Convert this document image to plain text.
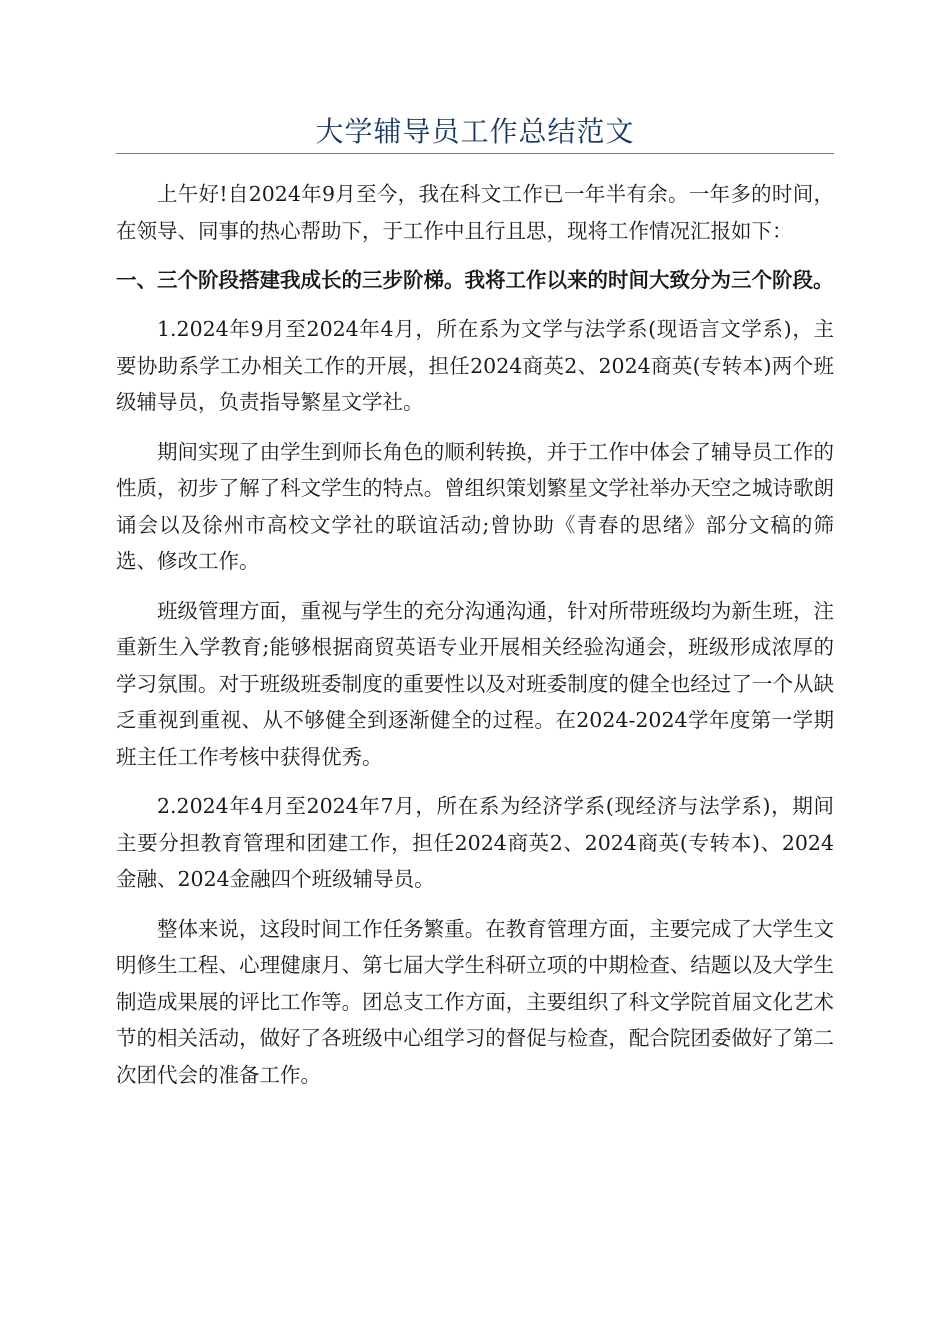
大学辅导员工作总结范文

上午好!自2024年9月至今，我在科文工作已一年半有余。一年多的时间，在领导、同事的热心帮助下，于工作中且行且思，现将工作情况汇报如下：

一、三个阶段搭建我成长的三步阶梯。我将工作以来的时间大致分为三个阶段。

1.2024年9月至2024年4月，所在系为文学与法学系(现语言文学系)，主要协助系学工办相关工作的开展，担任2024商英2、2024商英(专转本)两个班级辅导员，负责指导繁星文学社。

期间实现了由学生到师长角色的顺利转换，并于工作中体会了辅导员工作的性质，初步了解了科文学生的特点。曾组织策划繁星文学社举办天空之城诗歌朗诵会以及徐州市高校文学社的联谊活动;曾协助《青春的思绪》部分文稿的筛选、修改工作。

班级管理方面，重视与学生的充分沟通沟通，针对所带班级均为新生班，注重新生入学教育;能够根据商贸英语专业开展相关经验沟通会，班级形成浓厚的学习氛围。对于班级班委制度的重要性以及对班委制度的健全也经过了一个从缺乏重视到重视、从不够健全到逐渐健全的过程。在2024-2024学年度第一学期班主任工作考核中获得优秀。

2.2024年4月至2024年7月，所在系为经济学系(现经济与法学系)，期间主要分担教育管理和团建工作，担任2024商英2、2024商英(专转本)、2024金融、2024金融四个班级辅导员。

整体来说，这段时间工作任务繁重。在教育管理方面，主要完成了大学生文明修生工程、心理健康月、第七届大学生科研立项的中期检查、结题以及大学生制造成果展的评比工作等。团总支工作方面，主要组织了科文学院首届文化艺术节的相关活动，做好了各班级中心组学习的督促与检查，配合院团委做好了第二次团代会的准备工作。
